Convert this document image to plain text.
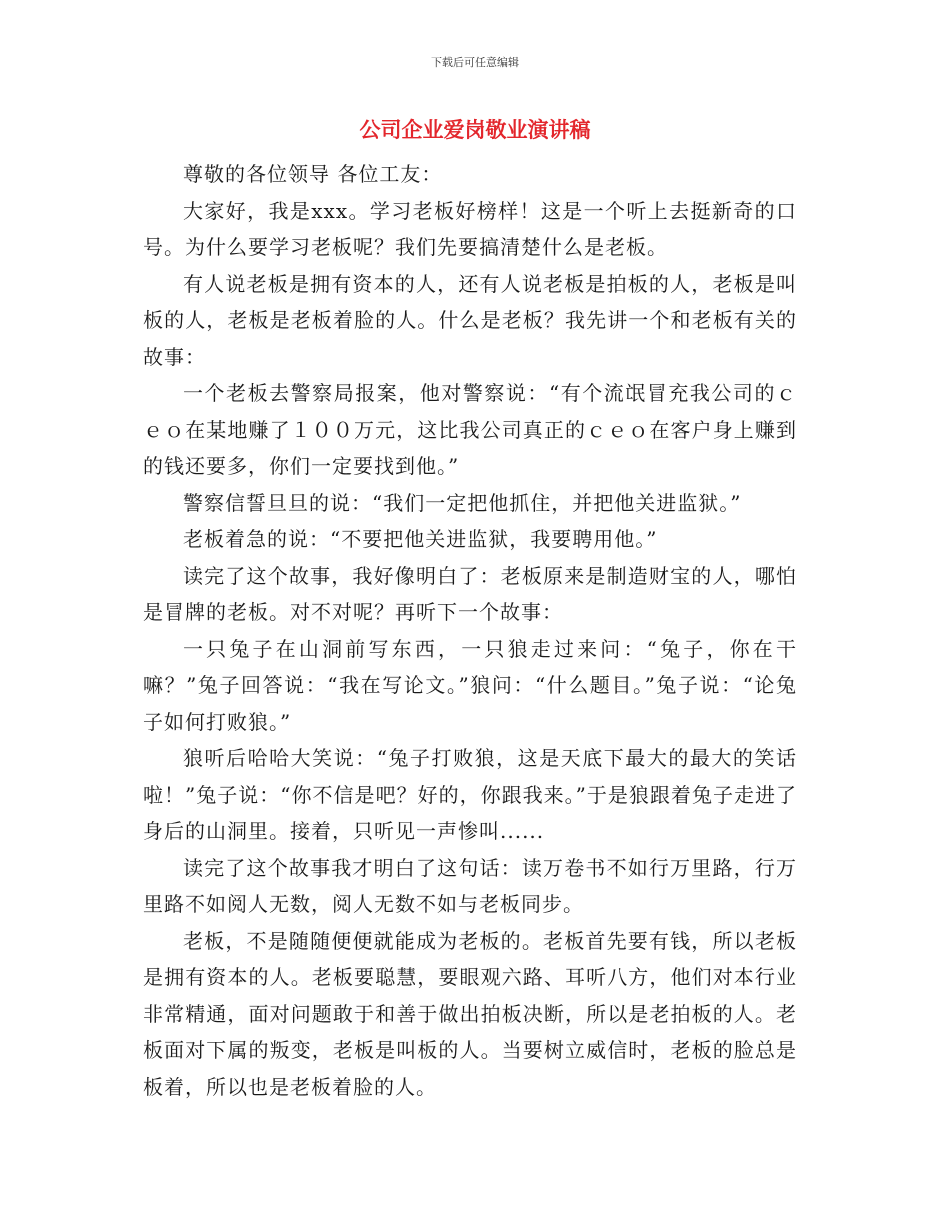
下载后可任意编辑
公司企业爱岗敬业演讲稿

尊敬的各位领导 各位工友：

大家好，我是xxx。学习老板好榜样！这是一个听上去挺新奇的口号。为什么要学习老板呢？我们先要搞清楚什么是老板。

有人说老板是拥有资本的人，还有人说老板是拍板的人，老板是叫板的人，老板是老板着脸的人。什么是老板？我先讲一个和老板有关的故事：

一个老板去警察局报案，他对警察说：“有个流氓冒充我公司的ｃｅｏ在某地赚了１００万元，这比我公司真正的ｃｅｏ在客户身上赚到的钱还要多，你们一定要找到他。”

警察信誓旦旦的说：“我们一定把他抓住，并把他关进监狱。”

老板着急的说：“不要把他关进监狱，我要聘用他。”

读完了这个故事，我好像明白了：老板原来是制造财宝的人，哪怕是冒牌的老板。对不对呢？再听下一个故事：

一只兔子在山洞前写东西，一只狼走过来问：“兔子，你在干嘛？”兔子回答说：“我在写论文。”狼问：“什么题目。”兔子说：“论兔子如何打败狼。”

狼听后哈哈大笑说：“兔子打败狼，这是天底下最大的最大的笑话啦！”兔子说：“你不信是吧？好的，你跟我来。”于是狼跟着兔子走进了身后的山洞里。接着，只听见一声惨叫......

读完了这个故事我才明白了这句话：读万卷书不如行万里路，行万里路不如阅人无数，阅人无数不如与老板同步。

老板，不是随随便便就能成为老板的。老板首先要有钱，所以老板是拥有资本的人。老板要聪慧，要眼观六路、耳听八方，他们对本行业非常精通，面对问题敢于和善于做出拍板决断，所以是老拍板的人。老板面对下属的叛变，老板是叫板的人。当要树立威信时，老板的脸总是板着，所以也是老板着脸的人。
